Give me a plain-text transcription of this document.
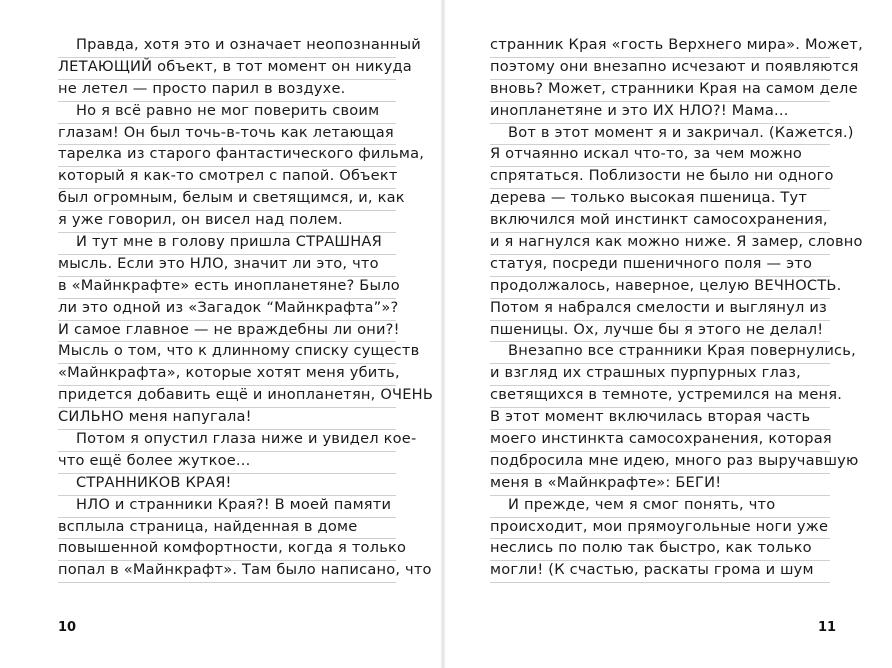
Правда, хотя это и означает неопознанный
ЛЕТАЮЩИЙ объект, в тот момент он никуда
не летел — просто парил в воздухе.
Но я всё равно не мог поверить своим
глазам! Он был точь-в-точь как летающая
тарелка из старого фантастического фильма,
который я как-то смотрел с папой. Объект
был огромным, белым и светящимся, и, как
я уже говорил, он висел над полем.
И тут мне в голову пришла СТРАШНАЯ
мысль. Если это НЛО, значит ли это, что
в «Майнкрафте» есть инопланетяне? Было
ли это одной из «Загадок “Майнкрафта”»?
И самое главное — не враждебны ли они?!
Мысль о том, что к длинному списку существ
«Майнкрафта», которые хотят меня убить,
придется добавить ещё и инопланетян, ОЧЕНЬ
СИЛЬНО меня напугала!
Потом я опустил глаза ниже и увидел кое-
что ещё более жуткое...
СТРАННИКОВ КРАЯ!
НЛО и странники Края?! В моей памяти
всплыла страница, найденная в доме
повышенной комфортности, когда я только
попал в «Майнкрафт». Там было написано, что
странник Края «гость Верхнего мира». Может,
поэтому они внезапно исчезают и появляются
вновь? Может, странники Края на самом деле
инопланетяне и это ИХ НЛО?! Мама...
Вот в этот момент я и закричал. (Кажется.)
Я отчаянно искал что-то, за чем можно
спрятаться. Поблизости не было ни одного
дерева — только высокая пшеница. Тут
включился мой инстинкт самосохранения,
и я нагнулся как можно ниже. Я замер, словно
статуя, посреди пшеничного поля — это
продолжалось, наверное, целую ВЕЧНОСТЬ.
Потом я набрался смелости и выглянул из
пшеницы. Ох, лучше бы я этого не делал!
Внезапно все странники Края повернулись,
и взгляд их страшных пурпурных глаз,
светящихся в темноте, устремился на меня.
В этот момент включилась вторая часть
моего инстинкта самосохранения, которая
подбросила мне идею, много раз выручавшую
меня в «Майнкрафте»: БЕГИ!
И прежде, чем я смог понять, что
происходит, мои прямоугольные ноги уже
неслись по полю так быстро, как только
могли! (К счастью, раскаты грома и шум
10	11
